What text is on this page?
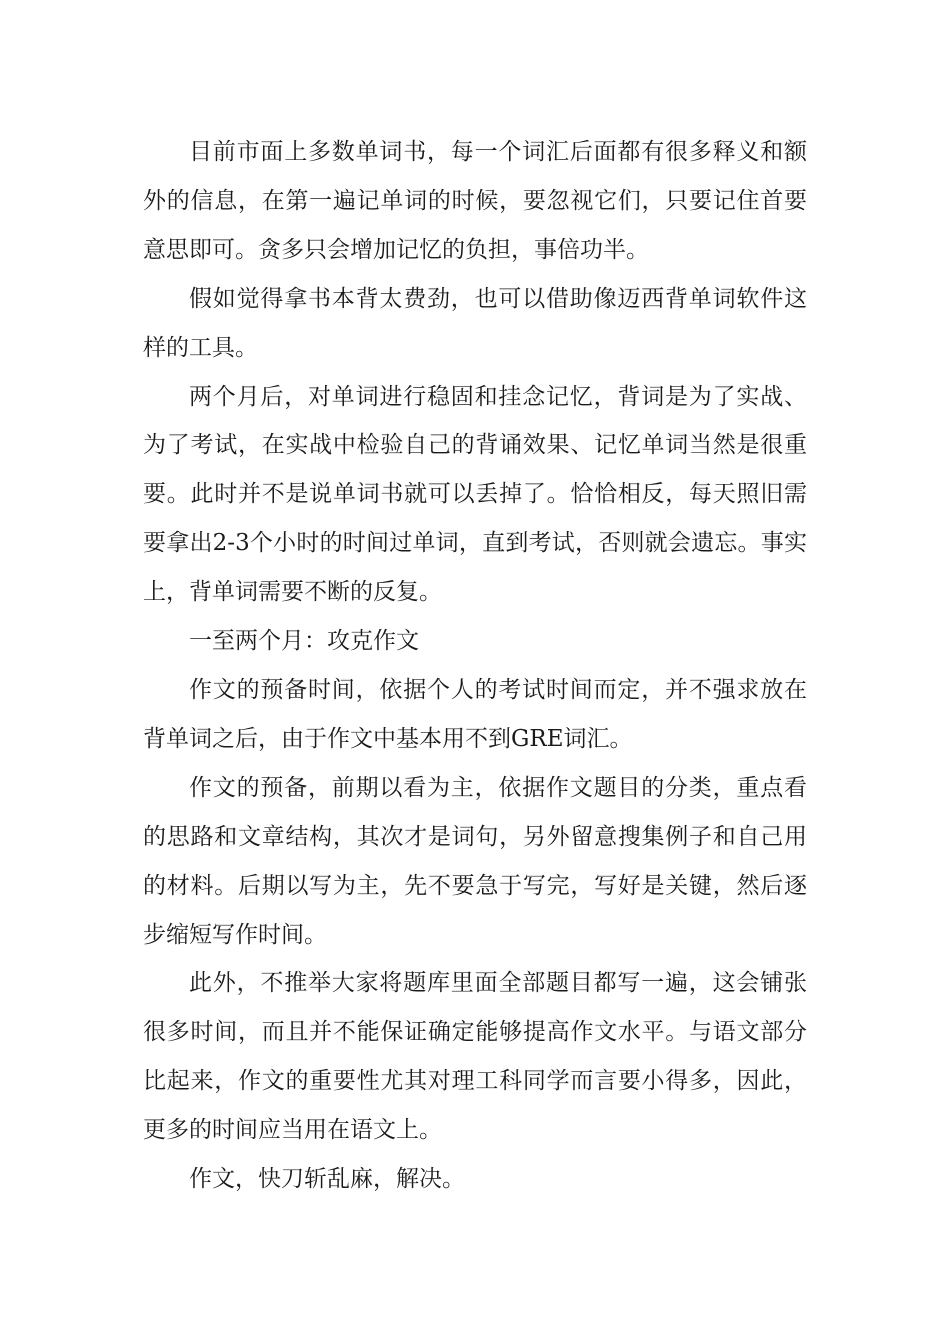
目前市面上多数单词书，每一个词汇后面都有很多释义和额外的信息，在第一遍记单词的时候，要忽视它们，只要记住首要意思即可。贪多只会增加记忆的负担，事倍功半。

假如觉得拿书本背太费劲，也可以借助像迈西背单词软件这样的工具。

两个月后，对单词进行稳固和挂念记忆，背词是为了实战、为了考试，在实战中检验自己的背诵效果、记忆单词当然是很重要。此时并不是说单词书就可以丢掉了。恰恰相反，每天照旧需要拿出2-3个小时的时间过单词，直到考试，否则就会遗忘。事实上，背单词需要不断的反复。

一至两个月：攻克作文

作文的预备时间，依据个人的考试时间而定，并不强求放在背单词之后，由于作文中基本用不到GRE词汇。

作文的预备，前期以看为主，依据作文题目的分类，重点看的思路和文章结构，其次才是词句，另外留意搜集例子和自己用的材料。后期以写为主，先不要急于写完，写好是关键，然后逐步缩短写作时间。

此外，不推举大家将题库里面全部题目都写一遍，这会铺张很多时间，而且并不能保证确定能够提高作文水平。与语文部分比起来，作文的重要性尤其对理工科同学而言要小得多，因此，更多的时间应当用在语文上。

作文，快刀斩乱麻，解决。
